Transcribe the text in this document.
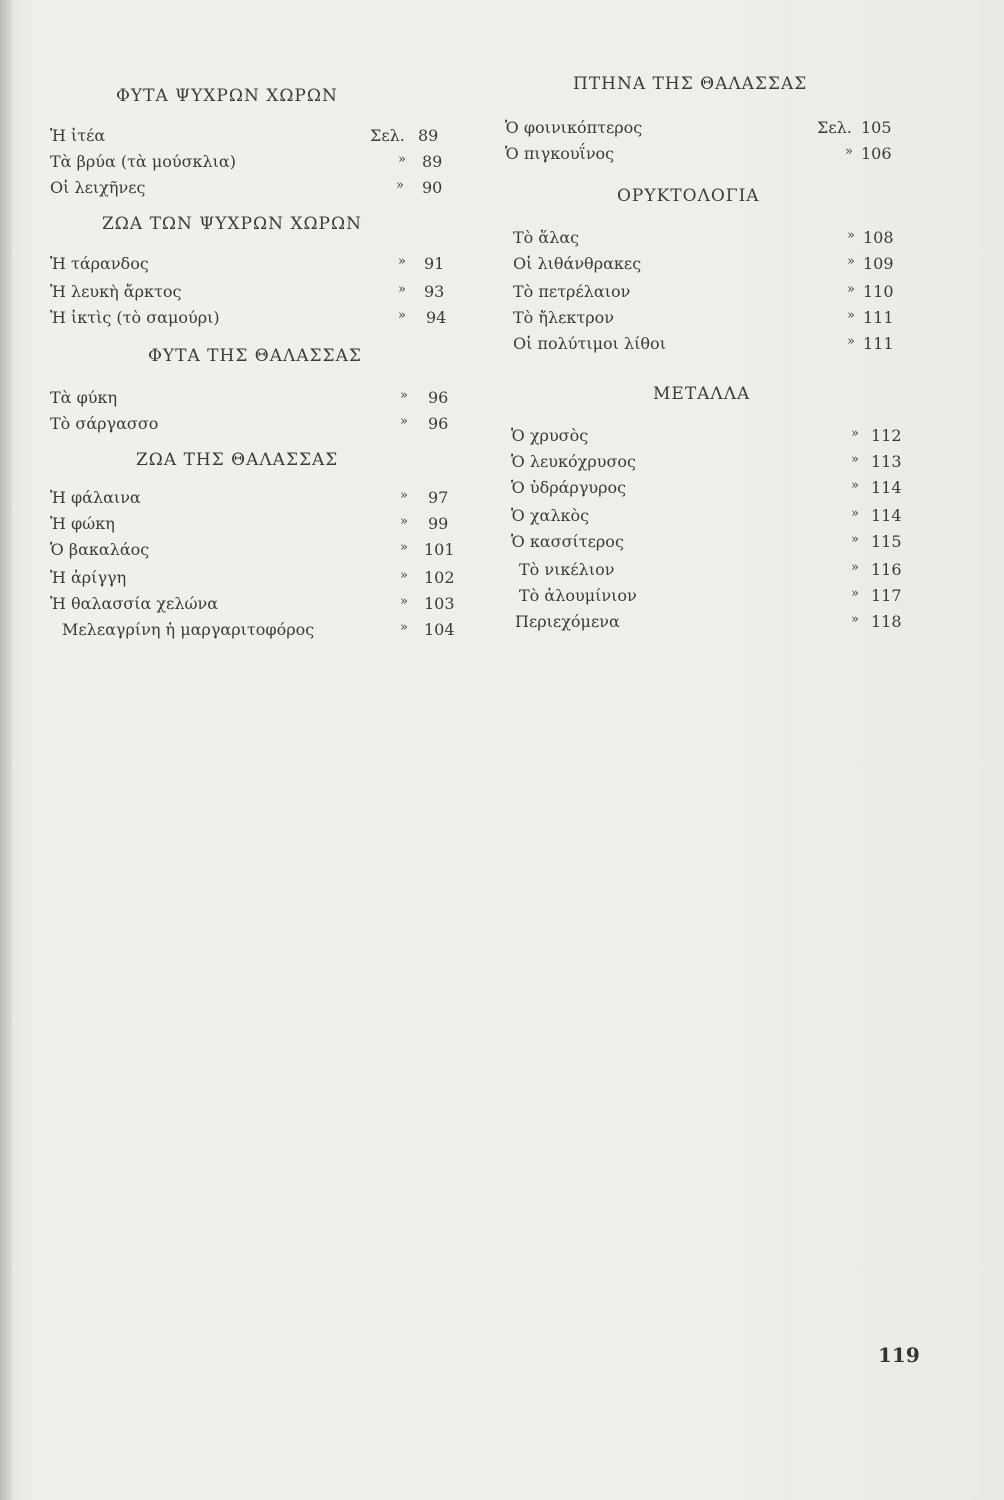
ΦΥΤΑ ΨΥΧΡΩΝ ΧΩΡΩΝ
Ἡ ἰτέα	Σελ. 89
Τὰ βρύα (τὰ μούσκλια)	» 89
Οἱ λειχῆνες	» 90
ΖΩΑ ΤΩΝ ΨΥΧΡΩΝ ΧΩΡΩΝ
Ἡ τάρανδος	» 91
Ἡ λευκὴ ἄρκτος	» 93
Ἡ ἰκτὶς (τὸ σαμούρι)	» 94
ΦΥΤΑ ΤΗΣ ΘΑΛΑΣΣΑΣ
Τὰ φύκη	» 96
Τὸ σάργασσο	» 96
ΖΩΑ ΤΗΣ ΘΑΛΑΣΣΑΣ
Ἡ φάλαινα	» 97
Ἡ φώκη	» 99
Ὁ βακαλάος	» 101
Ἡ ἀρίγγη	» 102
Ἡ θαλασσία χελώνα	» 103
Μελεαγρίνη ἡ μαργαριτοφόρος	» 104
ΠΤΗΝΑ ΤΗΣ ΘΑΛΑΣΣΑΣ
Ὁ φοινικόπτερος	Σελ. 105
Ὁ πιγκουΐνος	» 106
ΟΡΥΚΤΟΛΟΓΙΑ
Τὸ ἅλας	» 108
Οἱ λιθάνθρακες	» 109
Τὸ πετρέλαιον	» 110
Τὸ ἤλεκτρον	» 111
Οἱ πολύτιμοι λίθοι	» 111
ΜΕΤΑΛΛΑ
Ὁ χρυσὸς	» 112
Ὁ λευκόχρυσος	» 113
Ὁ ὑδράργυρος	» 114
Ὁ χαλκὸς	» 114
Ὁ κασσίτερος	» 115
Τὸ νικέλιον	» 116
Τὸ ἀλουμίνιον	» 117
Περιεχόμενα	» 118
119
